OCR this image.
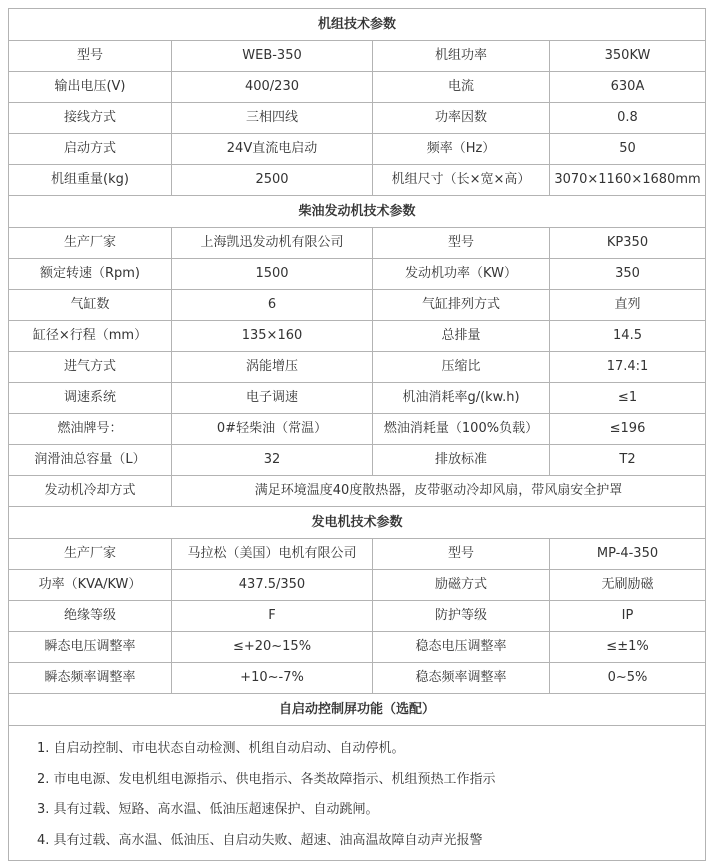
机组技术参数			
型号	WEB-350	机组功率	350KW
输出电压(V)	400/230	电流	630A
接线方式	三相四线	功率因数	0.8
启动方式	24V直流电启动	频率（Hz）	50
机组重量(kg)	2500	机组尺寸（长×宽×高）	3070×1160×1680mm
柴油发动机技术参数			
生产厂家	上海凯迅发动机有限公司	型号	KP350
额定转速（Rpm)	1500	发动机功率（KW）	350
气缸数	6	气缸排列方式	直列
缸径×行程（mm）	135×160	总排量	14.5
进气方式	涡能增压	压缩比	17.4:1
调速系统	电子调速	机油消耗率g/(kw.h)	≤1
燃油牌号：	0#轻柴油（常温）	燃油消耗量（100%负载）	≤196
润滑油总容量（L）	32	排放标准	T2
发动机冷却方式	满足环境温度40度散热器，皮带驱动冷却风扇，带风扇安全护罩		
发电机技术参数			
生产厂家	马拉松（美国）电机有限公司	型号	MP-4-350
功率（KVA/KW）	437.5/350	励磁方式	无刷励磁
绝缘等级	F	防护等级	IP
瞬态电压调整率	≤+20~15%	稳态电压调整率	≤±1%
瞬态频率调整率	+10~-7%	稳态频率调整率	0~5%
自启动控制屏功能（选配）			

1. 自启动控制、市电状态自动检测、机组自动启动、自动停机。
2. 市电电源、发电机组电源指示、供电指示、各类故障指示、机组预热工作指示
3. 具有过载、短路、高水温、低油压超速保护、自动跳闸。
4. 具有过载、高水温、低油压、自启动失败、超速、油高温故障自动声光报警			
